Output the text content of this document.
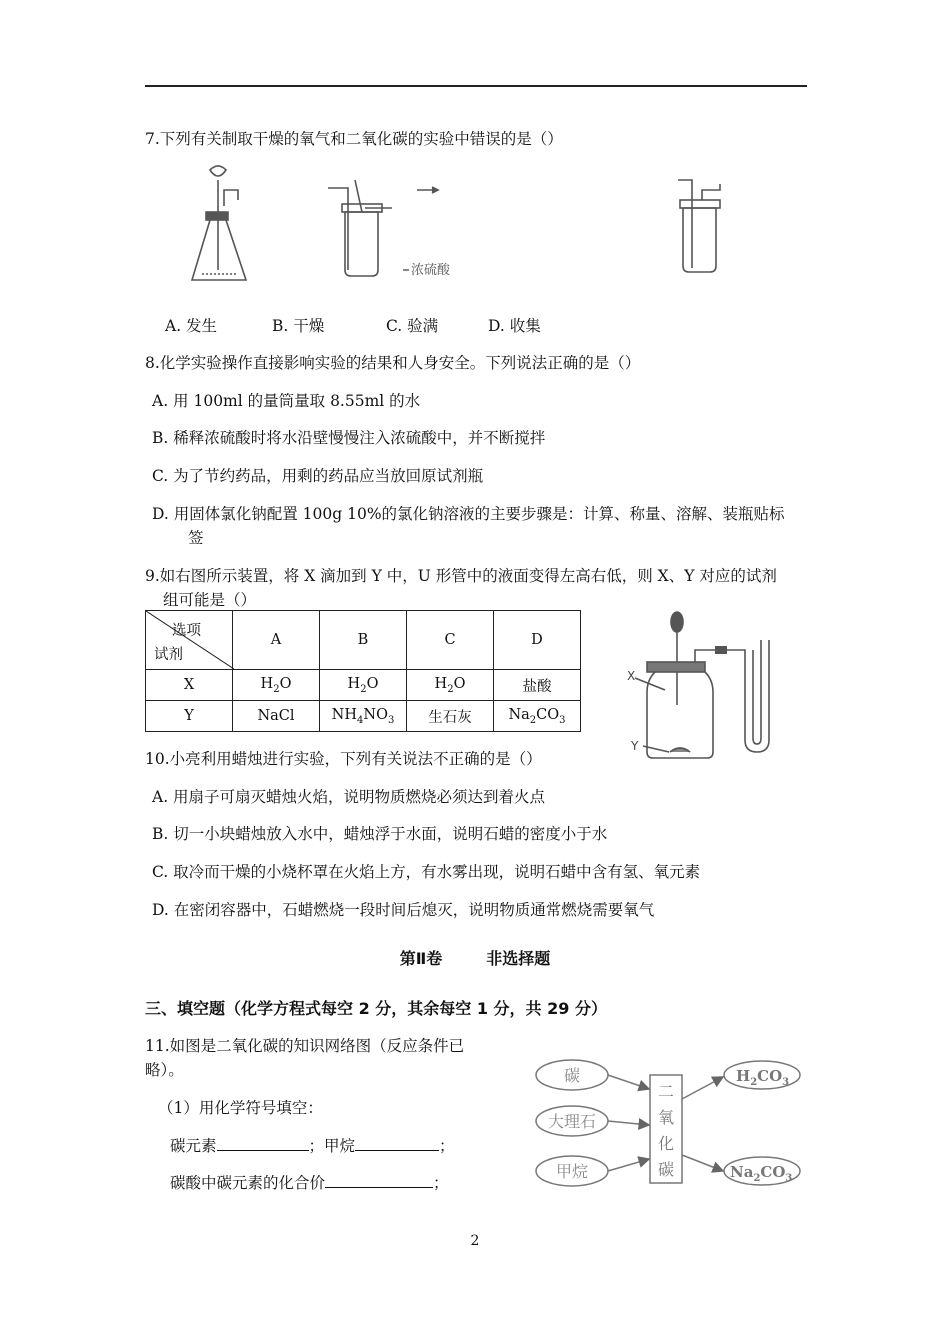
7.下列有关制取干燥的氧气和二氧化碳的实验中错误的是（）
浓硫酸
A. 发生	B. 干燥	C. 验满	D. 收集
8.化学实验操作直接影响实验的结果和人身安全。下列说法正确的是（）
A. 用 100ml 的量筒量取 8.55ml 的水
B. 稀释浓硫酸时将水沿壁慢慢注入浓硫酸中，并不断搅拌
C. 为了节约药品，用剩的药品应当放回原试剂瓶
D. 用固体氯化钠配置 100g 10%的氯化钠溶液的主要步骤是：计算、称量、溶解、装瓶贴标
签
9.如右图所示装置，将 X 滴加到 Y 中，U 形管中的液面变得左高右低，则 X、Y 对应的试剂
组可能是（）
选项
试剂	A	B	C	D
X	$H_2O$	$H_2O$	$H_2O$	盐酸
Y	NaCl	$NH_4NO_3$	生石灰	$Na_2CO_3$
X
Y
10.小亮利用蜡烛进行实验，下列有关说法不正确的是（）
A. 用扇子可扇灭蜡烛火焰，说明物质燃烧必须达到着火点
B. 切一小块蜡烛放入水中，蜡烛浮于水面，说明石蜡的密度小于水
C. 取冷而干燥的小烧杯罩在火焰上方，有水雾出现，说明石蜡中含有氢、氧元素
D. 在密闭容器中，石蜡燃烧一段时间后熄灭，说明物质通常燃烧需要氧气
第Ⅱ卷	非选择题
三、填空题（化学方程式每空 2 分，其余每空 1 分，共 29 分）
11.如图是二氧化碳的知识网络图（反应条件已
略）。
（1）用化学符号填空：
碳元素	；甲烷	；
碳酸中碳元素的化合价	；
碳
大理石
甲烷
二
氧
化
碳
$H_2CO_3$
$Na_2CO_3$
2
